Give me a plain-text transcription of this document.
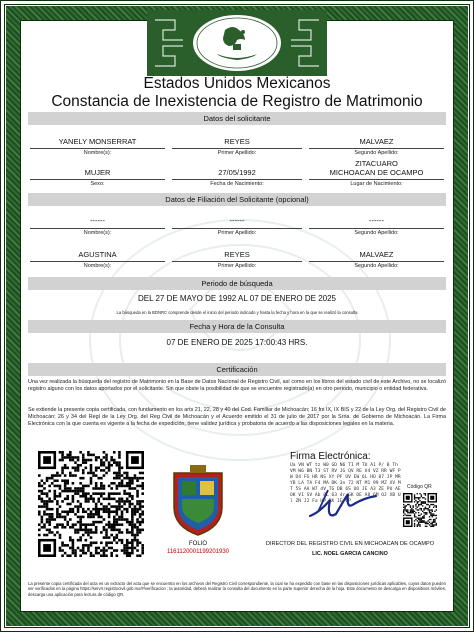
Estados Unidos Mexicanos
Constancia de Inexistencia de Registro de Matrimonio
Datos del solicitante
YANELY MONSERRAT
Nombre(s):
REYES
Primer Apellido:
MALVAEZ
Segundo Apellido:
MUJER
Sexo:
27/05/1992
Fecha de Nacimiento:
ZITACUARO
MICHOACAN DE OCAMPO
Lugar de Nacimiento:
Datos de Filiación del Solicitante (opcional)
------
Nombre(s):
------
Primer Apellido:
------
Segundo Apellido:
AGUSTINA
Nombre(s):
REYES
Primer Apellido:
MALVAEZ
Segundo Apellido:
Periodo de búsqueda
DEL 27 DE MAYO DE 1992 AL 07 DE ENERO DE 2025
La búsqueda en la BDNRC comprende desde el inicio del periodo indicado y hasta la fecha y hora en la que se realizó la consulta
Fecha y Hora de la Consulta
07 DE ENERO DE 2025 17:00:43 HRS.
Certificación
Una vez realizada la búsqueda del registro de Matrimonio en la Base de Datos Nacional de Registro Civil, así como en los libros del estado civil de este Archivo, no se localizó registro alguno con los datos aportados por el solicitante. Sin que obste la posibilidad de que se encuentre registrado(a) en otro periodo, municipio o entidad federativa.
Se extiende la presente copia certificada, con fundamento en los arts 21, 22, 28 y 40 del Cod. Familiar de Michoacán; 16 frs IX, IX BIS y 22 de la Ley Org. del Registro Civil de Michoacán; 26 y 34 del Regl de la Ley Org. del Reg Civil de Michoacán y el Acuerdo emitido el 31 de julio de 2017 por la Srria. de Gobierno de Michoacán. La Firma Electrónica con la que cuenta es vigente a la fecha de expedición; tiene validez jurídica y probatoria de acuerdo a las disposiciones legales en la materia.
FOLIO
1161120001199201930
Firma Electrónica:
Ua VN WT tz W0 GD N6 TI M TU A1 P/ B Th VM W6 BN T3 ST RV JG QV RE V4 VZ RR WF PW D4 FG HR NS XY PF UV EW 6L HO 87 JP MR YB LA TA F4 MA DK 3n 72 NT M1 99 MZ XV MT 5S AA W7 dV TG DB 6S UO JE A3 ZE PU AE OK V1 SV Ab 8L 63 4r GK DE A8 6M OJ XB Ul ZN J2 Fa HP RK 1E CP
Código QR
DIRECTOR DEL REGISTRO CIVIL EN MICHOACAN DE OCAMPO
LIC. NOEL GARCIA CANCINO
La presente copia certificada del acta es un extracto del acta que se encuentra en los archivos del Registro Civil correspondiente, la cual se ha expedido con base en las disposiciones jurídicas aplicables, cuyos datos pueden ser verificados en la página https://servrr.registrocivil.gob.mx/#/verificacion ; la autoridad, deberá realizar la consulta del documento en la parte superior derecha de la hoja. Este documento se descarga en dispositivos móviles, descarga una aplicación para lectura de código QR.
